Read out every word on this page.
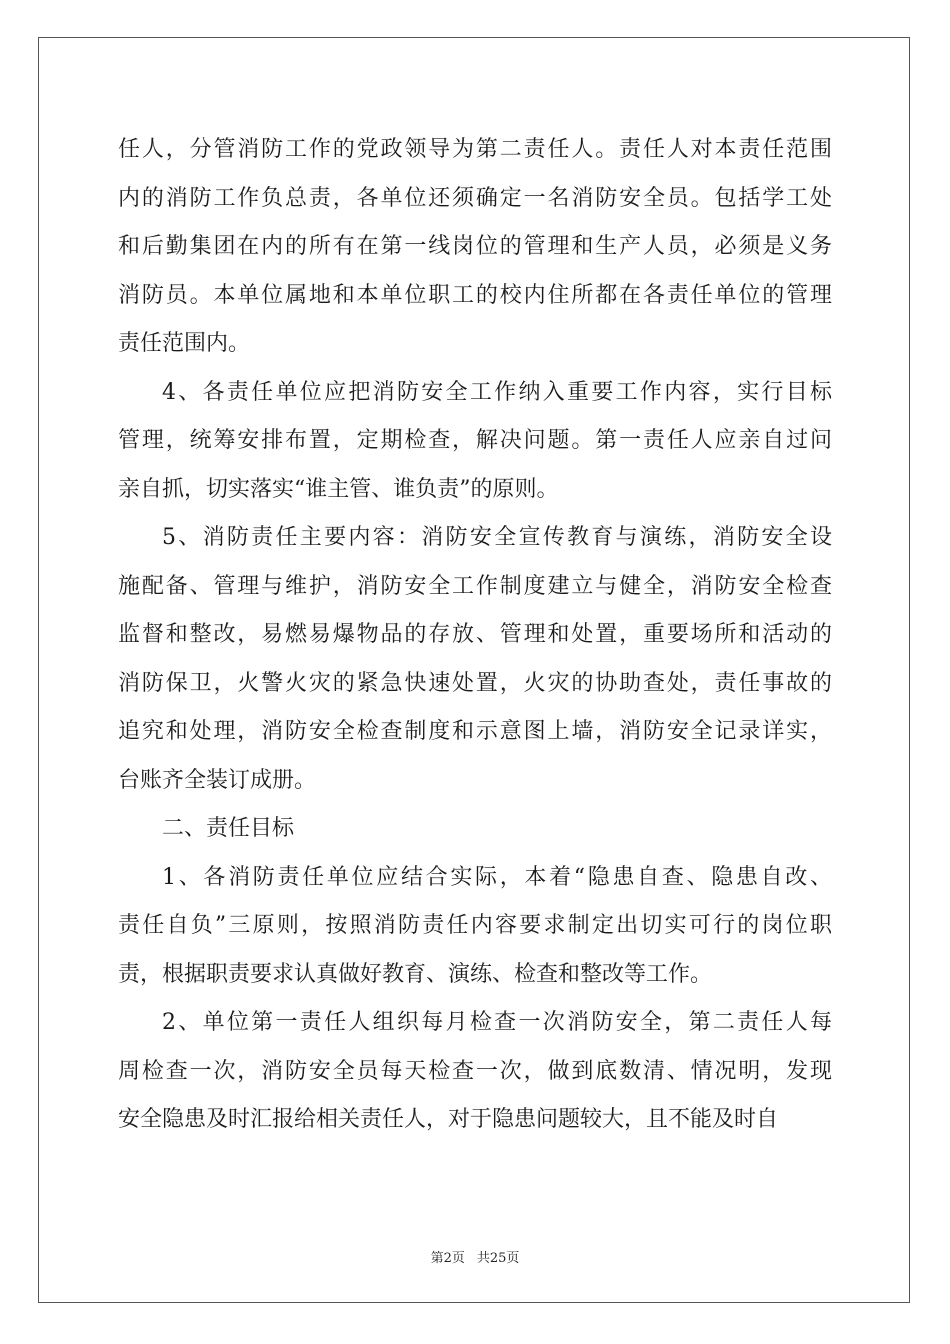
任人，分管消防工作的党政领导为第二责任人。责任人对本责任范围
内的消防工作负总责，各单位还须确定一名消防安全员。包括学工处
和后勤集团在内的所有在第一线岗位的管理和生产人员，必须是义务
消防员。本单位属地和本单位职工的校内住所都在各责任单位的管理
责任范围内。
4、各责任单位应把消防安全工作纳入重要工作内容，实行目标
管理，统筹安排布置，定期检查，解决问题。第一责任人应亲自过问
亲自抓，切实落实“谁主管、谁负责”的原则。
5、消防责任主要内容：消防安全宣传教育与演练，消防安全设
施配备、管理与维护，消防安全工作制度建立与健全，消防安全检查
监督和整改，易燃易爆物品的存放、管理和处置，重要场所和活动的
消防保卫，火警火灾的紧急快速处置，火灾的协助查处，责任事故的
追究和处理，消防安全检查制度和示意图上墙，消防安全记录详实，
台账齐全装订成册。
二、责任目标
1、各消防责任单位应结合实际，本着“隐患自查、隐患自改、
责任自负”三原则，按照消防责任内容要求制定出切实可行的岗位职
责，根据职责要求认真做好教育、演练、检查和整改等工作。
2、单位第一责任人组织每月检查一次消防安全，第二责任人每
周检查一次，消防安全员每天检查一次，做到底数清、情况明，发现
安全隐患及时汇报给相关责任人，对于隐患问题较大，且不能及时自
第2页 共25页
